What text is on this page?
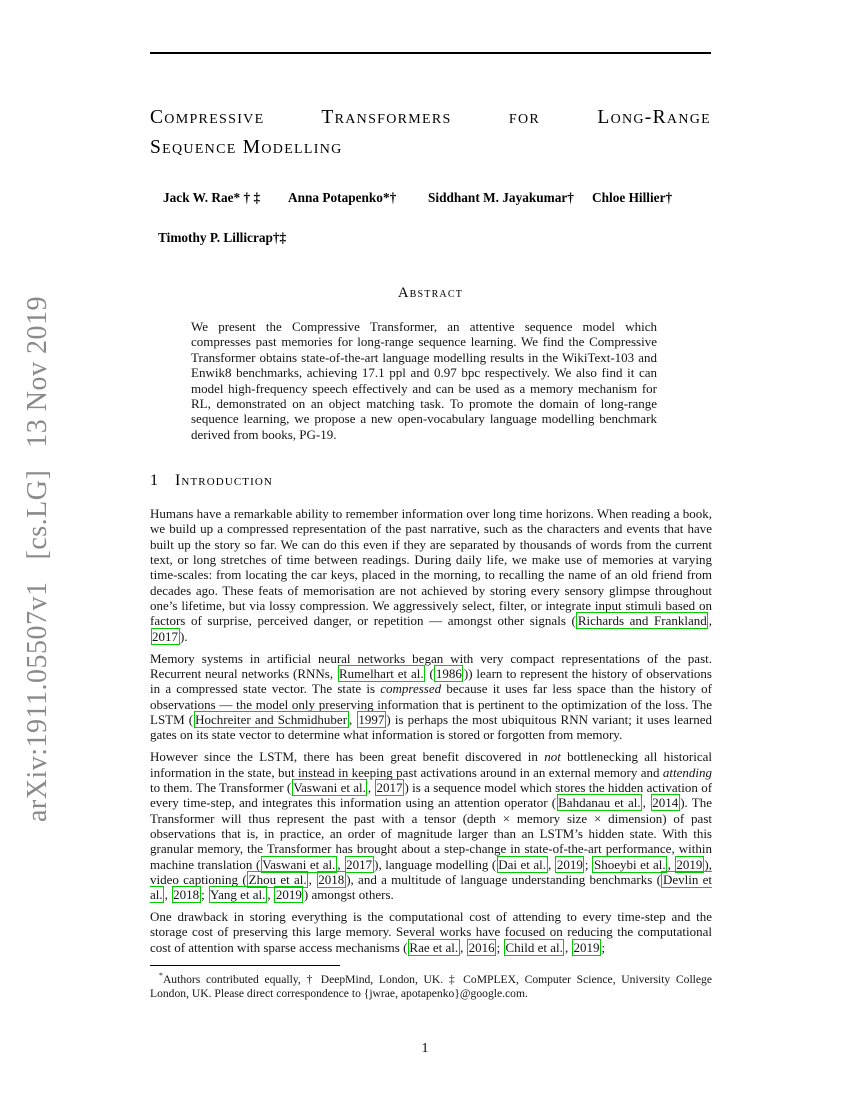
arXiv:1911.05507v1[cs.LG]13 Nov 2019
Compressive Transformers for Long-Range
Sequence Modelling
Jack W. Rae* † ‡ Anna Potapenko*† Siddhant M. Jayakumar† Chloe Hillier†
Timothy P. Lillicrap†‡
Abstract
We present the Compressive Transformer, an attentive sequence model which compresses past memories for long-range sequence learning. We find the Compressive Transformer obtains state-of-the-art language modelling results in the WikiText-103 and Enwik8 benchmarks, achieving 17.1 ppl and 0.97 bpc respectively. We also find it can model high-frequency speech effectively and can be used as a memory mechanism for RL, demonstrated on an object matching task. To promote the domain of long-range sequence learning, we propose a new open-vocabulary language modelling benchmark derived from books, PG-19.
1 Introduction

Humans have a remarkable ability to remember information over long time horizons. When reading a book, we build up a compressed representation of the past narrative, such as the characters and events that have built up the story so far. We can do this even if they are separated by thousands of words from the current text, or long stretches of time between readings. During daily life, we make use of memories at varying time-scales: from locating the car keys, placed in the morning, to recalling the name of an old friend from decades ago. These feats of memorisation are not achieved by storing every sensory glimpse throughout one’s lifetime, but via lossy compression. We aggressively select, filter, or integrate input stimuli based on factors of surprise, perceived danger, or repetition — amongst other signals ( Richards and Frankland , 2017 ).

Memory systems in artificial neural networks began with very compact representations of the past. Recurrent neural networks (RNNs, Rumelhart et al. ( 1986 )) learn to represent the history of observations in a compressed state vector. The state is compressed because it uses far less space than the history of observations — the model only preserving information that is pertinent to the optimization of the loss. The LSTM ( Hochreiter and Schmidhuber , 1997 ) is perhaps the most ubiquitous RNN variant; it uses learned gates on its state vector to determine what information is stored or forgotten from memory.

However since the LSTM, there has been great benefit discovered in not bottlenecking all historical information in the state, but instead in keeping past activations around in an external memory and attending to them. The Transformer ( Vaswani et al. , 2017 ) is a sequence model which stores the hidden activation of every time-step, and integrates this information using an attention operator ( Bahdanau et al. , 2014 ). The Transformer will thus represent the past with a tensor (depth × memory size × dimension) of past observations that is, in practice, an order of magnitude larger than an LSTM’s hidden state. With this granular memory, the Transformer has brought about a step-change in state-of-the-art performance, within machine translation ( Vaswani et al. , 2017 ), language modelling ( Dai et al. , 2019 ; Shoeybi et al. , 2019 ), video captioning ( Zhou et al. , 2018 ), and a multitude of language understanding benchmarks ( Devlin et al. , 2018 ; Yang et al. , 2019 ) amongst others.

One drawback in storing everything is the computational cost of attending to every time-step and the storage cost of preserving this large memory. Several works have focused on reducing the computational cost of attention with sparse access mechanisms ( Rae et al. , 2016 ; Child et al. , 2019 ;

*Authors contributed equally, † DeepMind, London, UK. ‡ CoMPLEX, Computer Science, University College London, UK. Please direct correspondence to {jwrae, apotapenko}@google.com.
1
